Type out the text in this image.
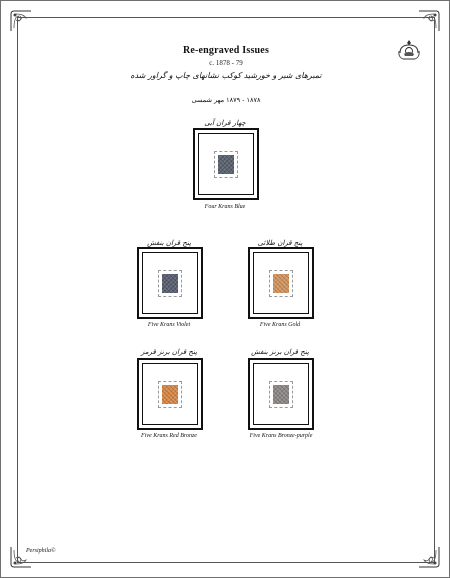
Re-engraved Issues
c. 1878 - 79
تمبرهای شیر و خورشید کوکب نشانهای چاپ و گراور شده
۱۸۷۸ - ۱۸۷۹ مهر شمسی
چهار قران آبی
Four Krans Blue
پنج قران بنفش
Five Krans Violet
پنج قران طلائی
Five Krans Gold
پنج قران برنز قرمز
Five Krans Red Bronze
پنج قران برنز بنفش
Five Krans Bronze-purple
Persiphila©
